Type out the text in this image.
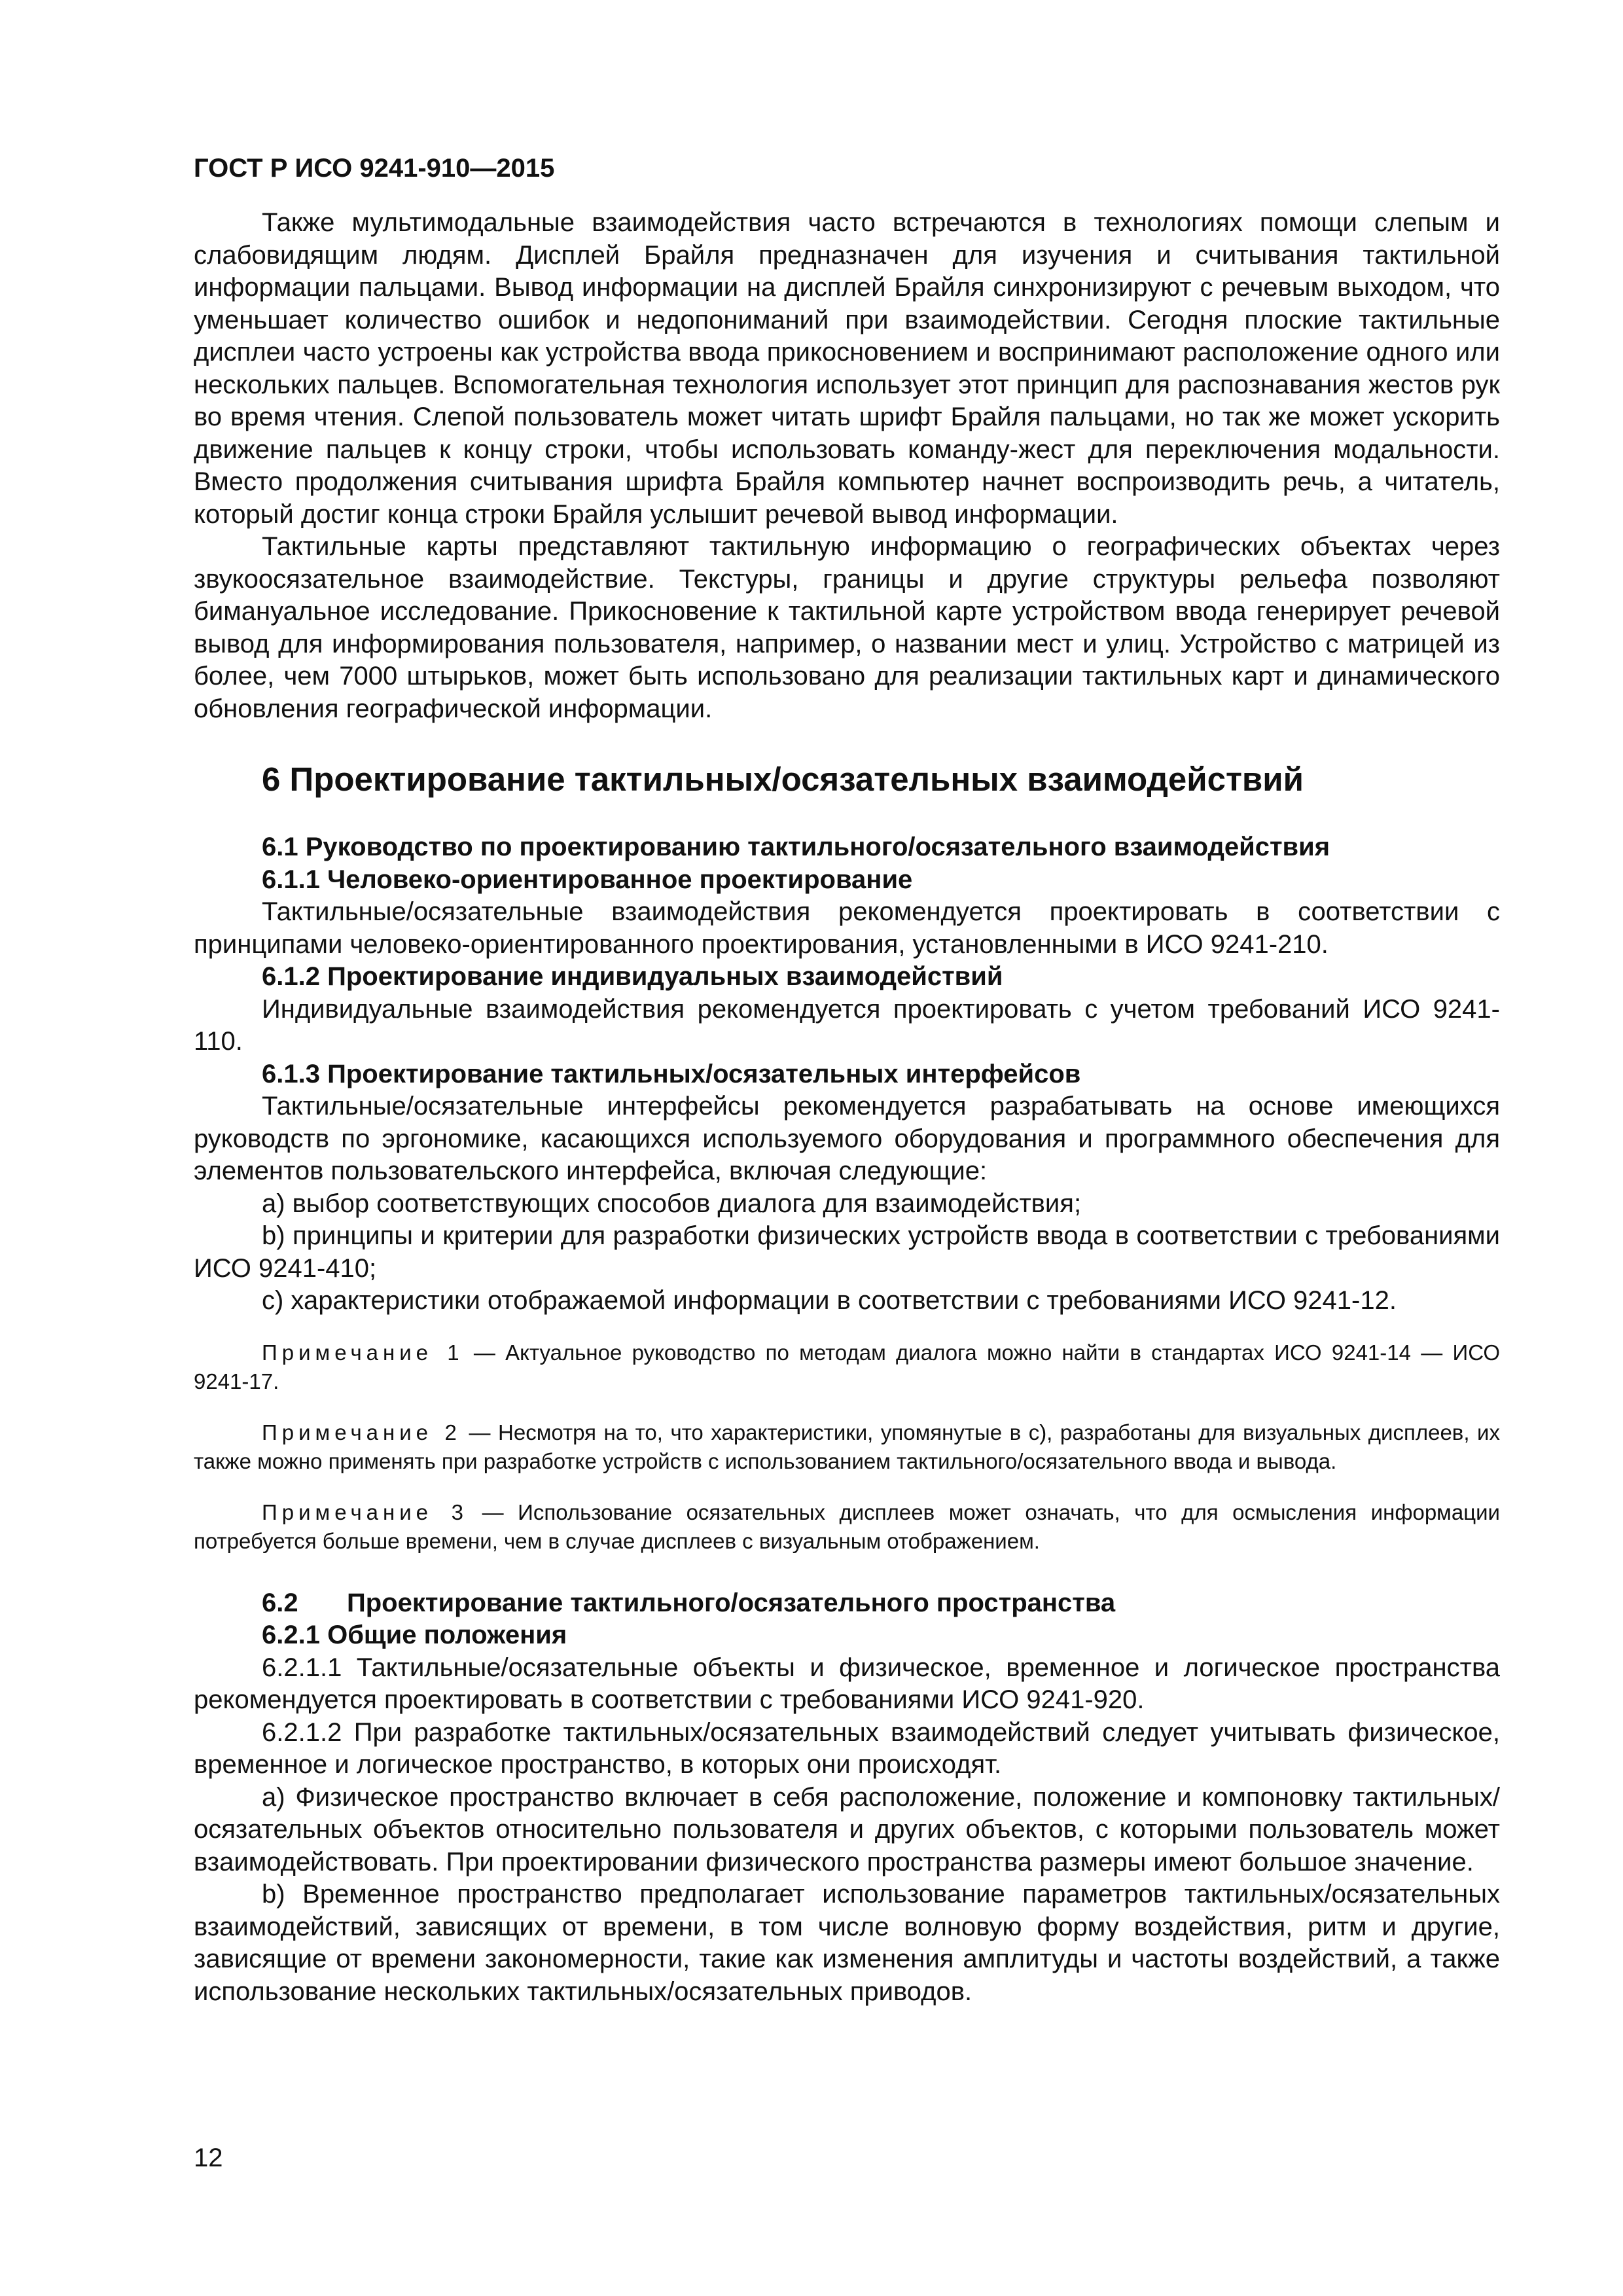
ГОСТ Р ИСО 9241-910—2015

Также мультимодальные взаимодействия часто встречаются в технологиях помощи слепым и слабовидящим людям. Дисплей Брайля предназначен для изучения и считывания тактильной информации пальцами. Вывод информации на дисплей Брайля синхронизируют с речевым выходом, что уменьшает количество ошибок и недопониманий при взаимодействии. Сегодня плоские тактильные дисплеи часто устроены как устройства ввода прикосновением и воспринимают расположение одного или нескольких пальцев. Вспомогательная технология использует этот принцип для распознавания жестов рук во время чтения. Слепой пользователь может читать шрифт Брайля пальцами, но так же может ускорить движение пальцев к концу строки, чтобы использовать команду-жест для переключения модальности. Вместо продолжения считывания шрифта Брайля компьютер начнет воспроизводить речь, а читатель, который достиг конца строки Брайля услышит речевой вывод информации.

Тактильные карты представляют тактильную информацию о географических объектах через звукоосязательное взаимодействие. Текстуры, границы и другие структуры рельефа позволяют бимануальное исследование. Прикосновение к тактильной карте устройством ввода генерирует речевой вывод для информирования пользователя, например, о названии мест и улиц. Устройство с матрицей из более, чем 7000 штырьков, может быть использовано для реализации тактильных карт и динамического обновления географической информации.

6 Проектирование тактильных/осязательных взаимодействий
6.1 Руководство по проектированию тактильного/осязательного взаимодействия
6.1.1 Человеко-ориентированное проектирование

Тактильные/осязательные взаимодействия рекомендуется проектировать в соответствии с принципами человеко-ориентированного проектирования, установленными в ИСО 9241-210.

6.1.2 Проектирование индивидуальных взаимодействий

Индивидуальные взаимодействия рекомендуется проектировать с учетом требований ИСО 9241-110.

6.1.3 Проектирование тактильных/осязательных интерфейсов

Тактильные/осязательные интерфейсы рекомендуется разрабатывать на основе имеющихся руководств по эргономике, касающихся используемого оборудования и программного обеспечения для элементов пользовательского интерфейса, включая следующие:

a) выбор соответствующих способов диалога для взаимодействия;

b) принципы и критерии для разработки физических устройств ввода в соответствии с требованиями ИСО 9241-410;

c) характеристики отображаемой информации в соответствии с требованиями ИСО 9241-12.

Примечание 1 — Актуальное руководство по методам диалога можно найти в стандартах ИСО 9241-14 — ИСО 9241-17.

Примечание 2 — Несмотря на то, что характеристики, упомянутые в c), разработаны для визуальных дисплеев, их также можно применять при разработке устройств с использованием тактильного/осязательного ввода и вывода.

Примечание 3 — Использование осязательных дисплеев может означать, что для осмысления информации потребуется больше времени, чем в случае дисплеев с визуальным отображением.

6.2 Проектирование тактильного/осязательного пространства
6.2.1 Общие положения

6.2.1.1 Тактильные/осязательные объекты и физическое, временное и логическое пространства рекомендуется проектировать в соответствии с требованиями ИСО 9241-920.

6.2.1.2 При разработке тактильных/осязательных взаимодействий следует учитывать физическое, временное и логическое пространство, в которых они происходят.

a) Физическое пространство включает в себя расположение, положение и компоновку тактильных/осязательных объектов относительно пользователя и других объектов, с которыми пользователь может взаимодействовать. При проектировании физического пространства размеры имеют большое значение.

b) Временное пространство предполагает использование параметров тактильных/осязательных взаимодействий, зависящих от времени, в том числе волновую форму воздействия, ритм и другие, зависящие от времени закономерности, такие как изменения амплитуды и частоты воздействий, а также использование нескольких тактильных/осязательных приводов.

12
